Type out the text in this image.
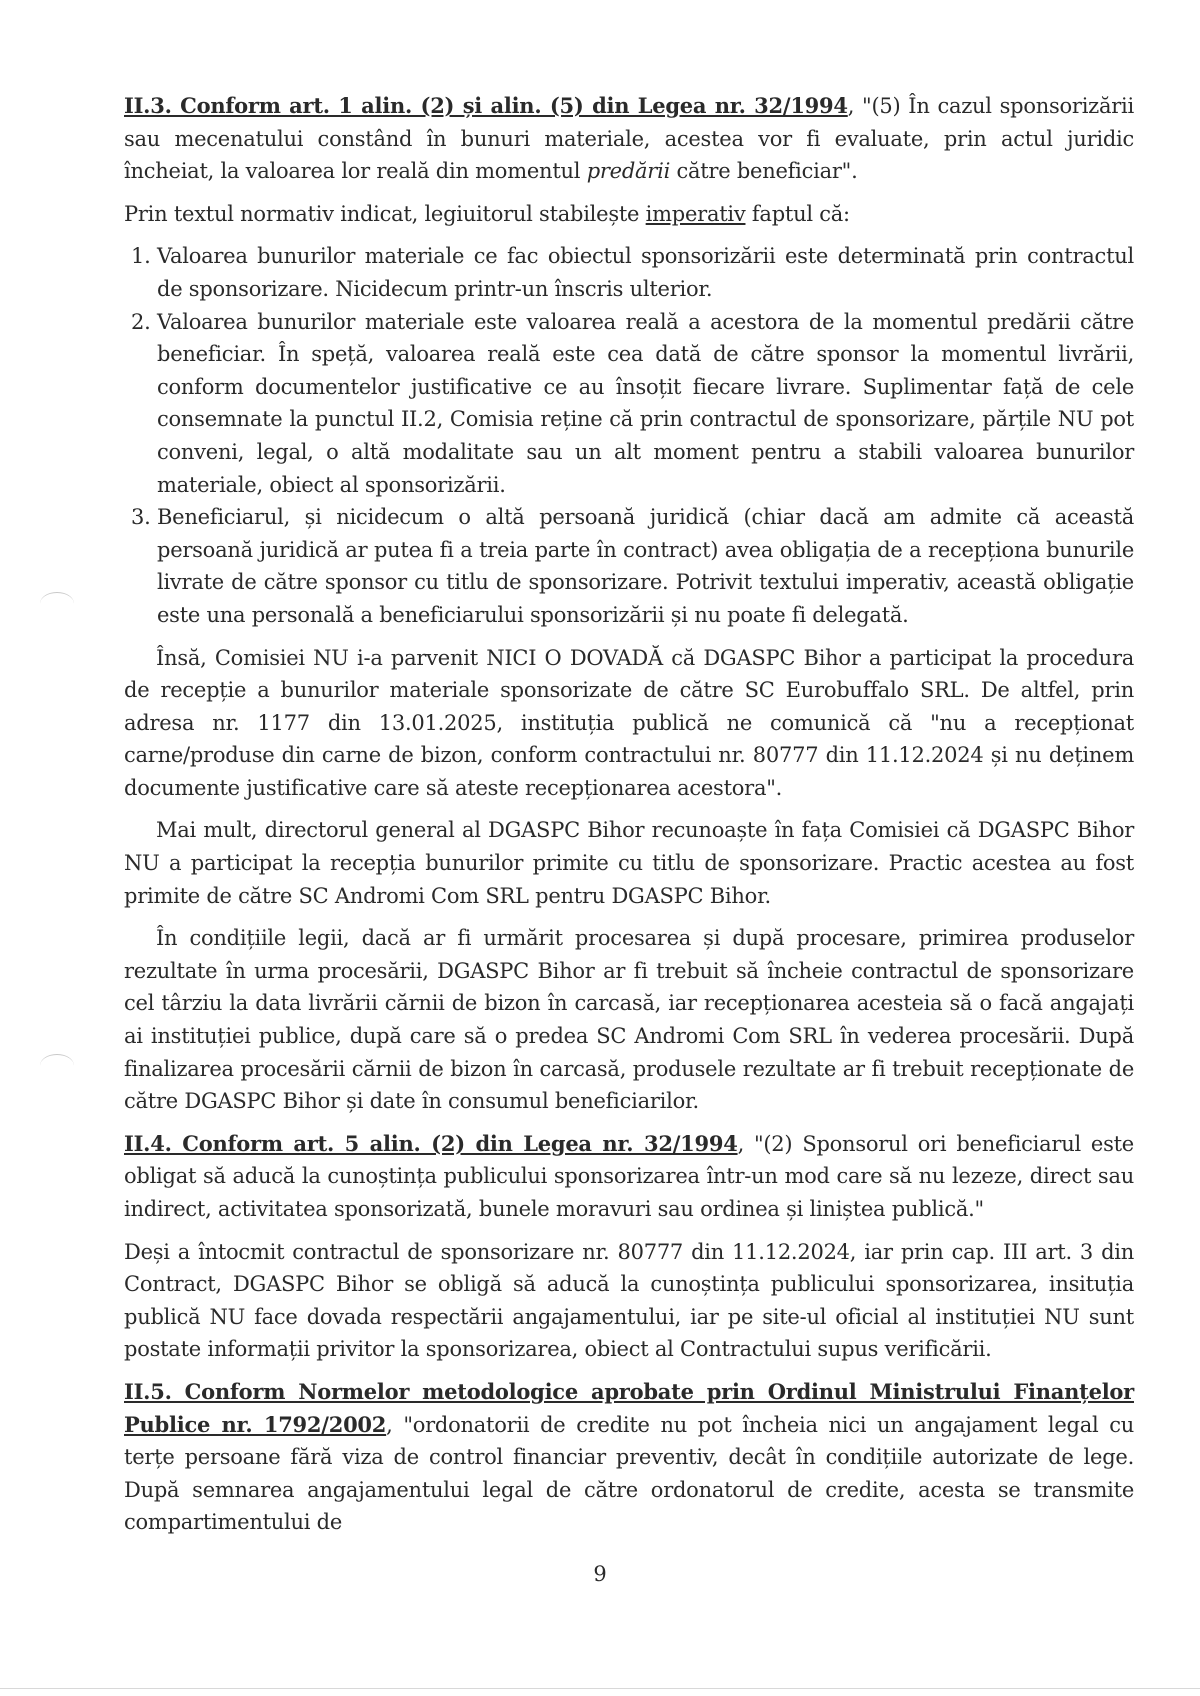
II.3. Conform art. 1 alin. (2) și alin. (5) din Legea nr. 32/1994, "(5) În cazul sponsorizării sau mecenatului constând în bunuri materiale, acestea vor fi evaluate, prin actul juridic încheiat, la valoarea lor reală din momentul predării către beneficiar".

Prin textul normativ indicat, legiuitorul stabilește imperativ faptul că:

1. Valoarea bunurilor materiale ce fac obiectul sponsorizării este determinată prin contractul de sponsorizare. Nicidecum printr-un înscris ulterior.
2. Valoarea bunurilor materiale este valoarea reală a acestora de la momentul predării către beneficiar. În speță, valoarea reală este cea dată de către sponsor la momentul livrării, conform documentelor justificative ce au însoțit fiecare livrare. Suplimentar față de cele consemnate la punctul II.2, Comisia reține că prin contractul de sponsorizare, părțile NU pot conveni, legal, o altă modalitate sau un alt moment pentru a stabili valoarea bunurilor materiale, obiect al sponsorizării.
3. Beneficiarul, și nicidecum o altă persoană juridică (chiar dacă am admite că această persoană juridică ar putea fi a treia parte în contract) avea obligația de a recepționa bunurile livrate de către sponsor cu titlu de sponsorizare. Potrivit textului imperativ, această obligație este una personală a beneficiarului sponsorizării și nu poate fi delegată.

Însă, Comisiei NU i-a parvenit NICI O DOVADĂ că DGASPC Bihor a participat la procedura de recepție a bunurilor materiale sponsorizate de către SC Eurobuffalo SRL. De altfel, prin adresa nr. 1177 din 13.01.2025, instituția publică ne comunică că "nu a recepționat carne/produse din carne de bizon, conform contractului nr. 80777 din 11.12.2024 și nu deținem documente justificative care să ateste recepționarea acestora".

Mai mult, directorul general al DGASPC Bihor recunoaște în fața Comisiei că DGASPC Bihor NU a participat la recepția bunurilor primite cu titlu de sponsorizare. Practic acestea au fost primite de către SC Andromi Com SRL pentru DGASPC Bihor.

În condițiile legii, dacă ar fi urmărit procesarea și după procesare, primirea produselor rezultate în urma procesării, DGASPC Bihor ar fi trebuit să încheie contractul de sponsorizare cel târziu la data livrării cărnii de bizon în carcasă, iar recepționarea acesteia să o facă angajați ai instituției publice, după care să o predea SC Andromi Com SRL în vederea procesării. După finalizarea procesării cărnii de bizon în carcasă, produsele rezultate ar fi trebuit recepționate de către DGASPC Bihor și date în consumul beneficiarilor.

II.4. Conform art. 5 alin. (2) din Legea nr. 32/1994, "(2) Sponsorul ori beneficiarul este obligat să aducă la cunoștința publicului sponsorizarea într-un mod care să nu lezeze, direct sau indirect, activitatea sponsorizată, bunele moravuri sau ordinea și liniștea publică."

Deși a întocmit contractul de sponsorizare nr. 80777 din 11.12.2024, iar prin cap. III art. 3 din Contract, DGASPC Bihor se obligă să aducă la cunoștința publicului sponsorizarea, insituția publică NU face dovada respectării angajamentului, iar pe site-ul oficial al instituției NU sunt postate informații privitor la sponsorizarea, obiect al Contractului supus verificării.

II.5. Conform Normelor metodologice aprobate prin Ordinul Ministrului Finanțelor Publice nr. 1792/2002, "ordonatorii de credite nu pot încheia nici un angajament legal cu terțe persoane fără viza de control financiar preventiv, decât în condițiile autorizate de lege. După semnarea angajamentului legal de către ordonatorul de credite, acesta se transmite compartimentului de

9
